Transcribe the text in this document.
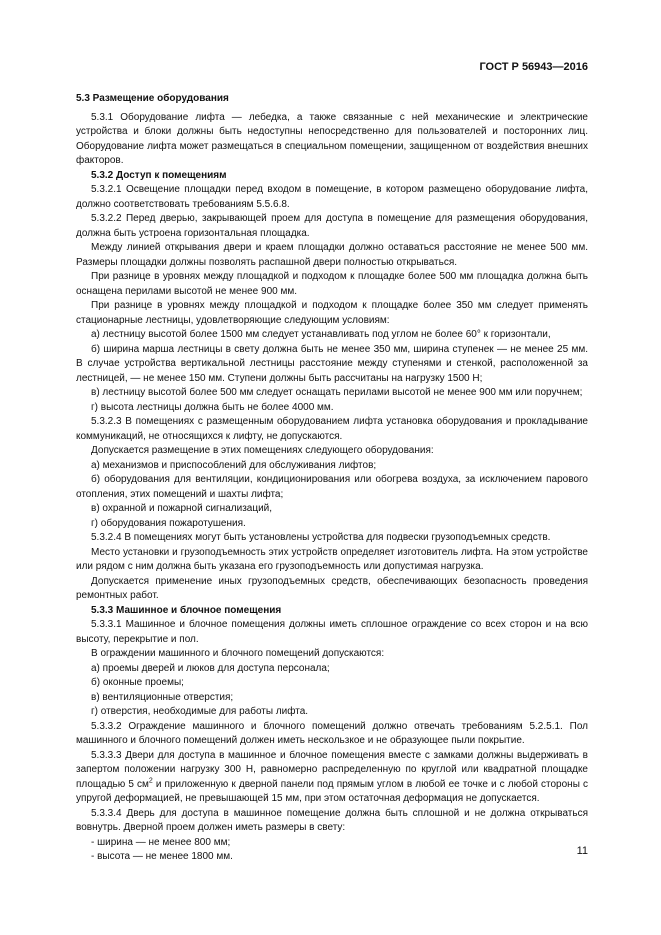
ГОСТ Р 56943—2016

5.3 Размещение оборудования

5.3.1 Оборудование лифта — лебедка, а также связанные с ней механические и электрические устройства и блоки должны быть недоступны непосредственно для пользователей и посторонних лиц. Оборудование лифта может размещаться в специальном помещении, защищенном от воздействия внешних факторов.

5.3.2 Доступ к помещениям

5.3.2.1 Освещение площадки перед входом в помещение, в котором размещено оборудование лифта, должно соответствовать требованиям 5.5.6.8.

5.3.2.2 Перед дверью, закрывающей проем для доступа в помещение для размещения оборудования, должна быть устроена горизонтальная площадка.

Между линией открывания двери и краем площадки должно оставаться расстояние не менее 500 мм. Размеры площадки должны позволять распашной двери полностью открываться.

При разнице в уровнях между площадкой и подходом к площадке более 500 мм площадка должна быть оснащена перилами высотой не менее 900 мм.

При разнице в уровнях между площадкой и подходом к площадке более 350 мм следует применять стационарные лестницы, удовлетворяющие следующим условиям:

а) лестницу высотой более 1500 мм следует устанавливать под углом не более 60° к горизонтали,

б) ширина марша лестницы в свету должна быть не менее 350 мм, ширина ступенек — не менее 25 мм. В случае устройства вертикальной лестницы расстояние между ступенями и стенкой, расположенной за лестницей, — не менее 150 мм. Ступени должны быть рассчитаны на нагрузку 1500 Н;

в) лестницу высотой более 500 мм следует оснащать перилами высотой не менее 900 мм или поручнем;

г) высота лестницы должна быть не более 4000 мм.

5.3.2.3 В помещениях с размещенным оборудованием лифта установка оборудования и прокладывание коммуникаций, не относящихся к лифту, не допускаются.

Допускается размещение в этих помещениях следующего оборудования:

а) механизмов и приспособлений для обслуживания лифтов;

б) оборудования для вентиляции, кондиционирования или обогрева воздуха, за исключением парового отопления, этих помещений и шахты лифта;

в) охранной и пожарной сигнализаций,

г) оборудования пожаротушения.

5.3.2.4 В помещениях могут быть установлены устройства для подвески грузоподъемных средств.

Место установки и грузоподъемность этих устройств определяет изготовитель лифта. На этом устройстве или рядом с ним должна быть указана его грузоподъемность или допустимая нагрузка.

Допускается применение иных грузоподъемных средств, обеспечивающих безопасность проведения ремонтных работ.

5.3.3 Машинное и блочное помещения

5.3.3.1 Машинное и блочное помещения должны иметь сплошное ограждение со всех сторон и на всю высоту, перекрытие и пол.

В ограждении машинного и блочного помещений допускаются:

а) проемы дверей и люков для доступа персонала;

б) оконные проемы;

в) вентиляционные отверстия;

г) отверстия, необходимые для работы лифта.

5.3.3.2 Ограждение машинного и блочного помещений должно отвечать требованиям 5.2.5.1. Пол машинного и блочного помещений должен иметь нескользкое и не образующее пыли покрытие.

5.3.3.3 Двери для доступа в машинное и блочное помещения вместе с замками должны выдерживать в запертом положении нагрузку 300 Н, равномерно распределенную по круглой или квадратной площадке площадью 5 $см^2$ и приложенную к дверной панели под прямым углом в любой ее точке и с любой стороны с упругой деформацией, не превышающей 15 мм, при этом остаточная деформация не допускается.

5.3.3.4 Дверь для доступа в машинное помещение должна быть сплошной и не должна открываться вовнутрь. Дверной проем должен иметь размеры в свету:

- ширина — не менее 800 мм;

- высота — не менее 1800 мм.	11
